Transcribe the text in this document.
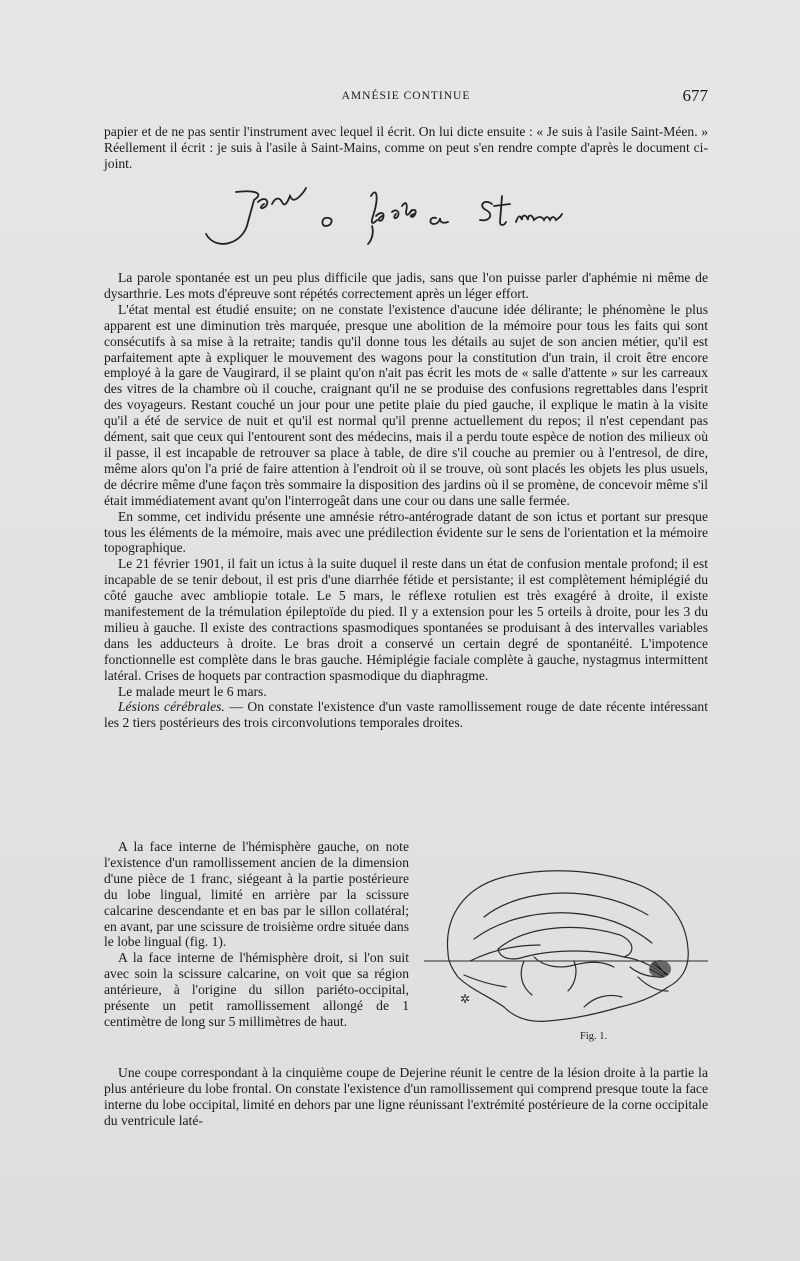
AMNÉSIE CONTINUE	677

papier et de ne pas sentir l'instrument avec lequel il écrit. On lui dicte ensuite : « Je suis à l'asile Saint-Méen. » Réellement il écrit : je suis à l'asile à Saint-Mains, comme on peut s'en rendre compte d'après le document ci-joint.

La parole spontanée est un peu plus difficile que jadis, sans que l'on puisse parler d'aphémie ni même de dysarthrie. Les mots d'épreuve sont répétés correctement après un léger effort.

L'état mental est étudié ensuite; on ne constate l'existence d'aucune idée délirante; le phénomène le plus apparent est une diminution très marquée, presque une abolition de la mémoire pour tous les faits qui sont consécutifs à sa mise à la retraite; tandis qu'il donne tous les détails au sujet de son ancien métier, qu'il est parfaitement apte à expliquer le mouvement des wagons pour la constitution d'un train, il croit être encore employé à la gare de Vaugirard, il se plaint qu'on n'ait pas écrit les mots de « salle d'attente » sur les carreaux des vitres de la chambre où il couche, craignant qu'il ne se produise des confusions regrettables dans l'esprit des voyageurs. Restant couché un jour pour une petite plaie du pied gauche, il explique le matin à la visite qu'il a été de service de nuit et qu'il est normal qu'il prenne actuellement du repos; il n'est cependant pas dément, sait que ceux qui l'entourent sont des médecins, mais il a perdu toute espèce de notion des milieux où il passe, il est incapable de retrouver sa place à table, de dire s'il couche au premier ou à l'entresol, de dire, même alors qu'on l'a prié de faire attention à l'endroit où il se trouve, où sont placés les objets les plus usuels, de décrire même d'une façon très sommaire la disposition des jardins où il se promène, de concevoir même s'il était immédiatement avant qu'on l'interrogeât dans une cour ou dans une salle fermée.

En somme, cet individu présente une amnésie rétro-antérograde datant de son ictus et portant sur presque tous les éléments de la mémoire, mais avec une prédilection évidente sur le sens de l'orientation et la mémoire topographique.

Le 21 février 1901, il fait un ictus à la suite duquel il reste dans un état de confusion mentale profond; il est incapable de se tenir debout, il est pris d'une diarrhée fétide et persistante; il est complètement hémiplégié du côté gauche avec ambliopie totale. Le 5 mars, le réflexe rotulien est très exagéré à droite, il existe manifestement de la trémulation épileptoïde du pied. Il y a extension pour les 5 orteils à droite, pour les 3 du milieu à gauche. Il existe des contractions spasmodiques spontanées se produisant à des intervalles variables dans les adducteurs à droite. Le bras droit a conservé un certain degré de spontanéité. L'impotence fonctionnelle est complète dans le bras gauche. Hémiplégie faciale complète à gauche, nystagmus intermittent latéral. Crises de hoquets par contraction spasmodique du diaphragme.

Le malade meurt le 6 mars.

Lésions cérébrales. — On constate l'existence d'un vaste ramollissement rouge de date récente intéressant les 2 tiers postérieurs des trois circonvolutions temporales droites.

A la face interne de l'hémisphère gauche, on note l'existence d'un ramollissement ancien de la dimension d'une pièce de 1 franc, siégeant à la partie postérieure du lobe lingual, limité en arrière par la scissure calcarine descendante et en bas par le sillon collatéral; en avant, par une scissure de troisième ordre située dans le lobe lingual (fig. 1).

A la face interne de l'hémisphère droit, si l'on suit avec soin la scissure calcarine, on voit que sa région antérieure, à l'origine du sillon pariéto-occipital, présente un petit ramollissement allongé de 1 centimètre de long sur 5 millimètres de haut.

✲
Fig. 1.

Une coupe correspondant à la cinquième coupe de Dejerine réunit le centre de la lésion droite à la partie la plus antérieure du lobe frontal. On constate l'existence d'un ramollissement qui comprend presque toute la face interne du lobe occipital, limité en dehors par une ligne réunissant l'extrémité postérieure de la corne occipitale du ventricule laté-
